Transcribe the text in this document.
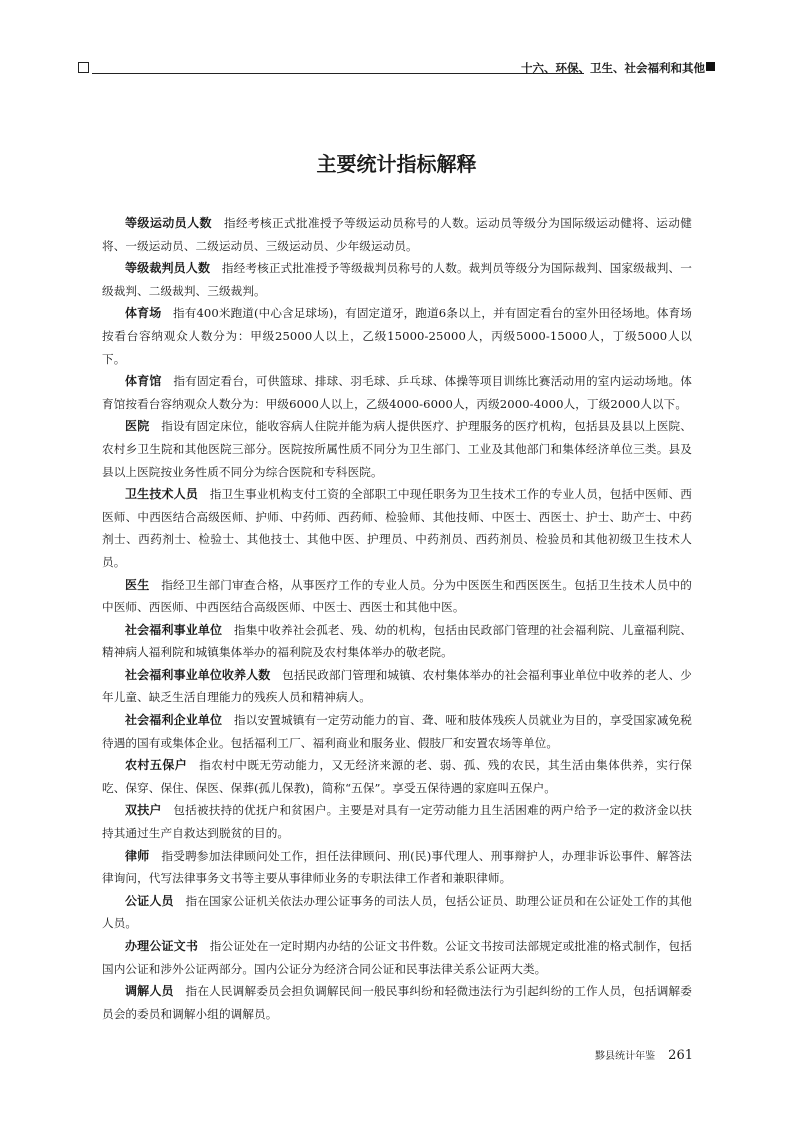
十六、环保、卫生、社会福利和其他
主要统计指标解释

等级运动员人数  指经考核正式批准授予等级运动员称号的人数。运动员等级分为国际级运动健将、运动健将、一级运动员、二级运动员、三级运动员、少年级运动员。

等级裁判员人数  指经考核正式批准授予等级裁判员称号的人数。裁判员等级分为国际裁判、国家级裁判、一级裁判、二级裁判、三级裁判。

体育场  指有400米跑道(中心含足球场)，有固定道牙，跑道6条以上，并有固定看台的室外田径场地。体育场按看台容纳观众人数分为：甲级25000人以上，乙级15000-25000人，丙级5000-15000人，丁级5000人以下。

体育馆  指有固定看台，可供篮球、排球、羽毛球、乒乓球、体操等项目训练比赛活动用的室内运动场地。体育馆按看台容纳观众人数分为：甲级6000人以上，乙级4000-6000人，丙级2000-4000人，丁级2000人以下。

医院  指设有固定床位，能收容病人住院并能为病人提供医疗、护理服务的医疗机构，包括县及县以上医院、农村乡卫生院和其他医院三部分。医院按所属性质不同分为卫生部门、工业及其他部门和集体经济单位三类。县及县以上医院按业务性质不同分为综合医院和专科医院。

卫生技术人员  指卫生事业机构支付工资的全部职工中现任职务为卫生技术工作的专业人员，包括中医师、西医师、中西医结合高级医师、护师、中药师、西药师、检验师、其他技师、中医士、西医士、护士、助产士、中药剂士、西药剂士、检验士、其他技士、其他中医、护理员、中药剂员、西药剂员、检验员和其他初级卫生技术人员。

医生  指经卫生部门审查合格，从事医疗工作的专业人员。分为中医医生和西医医生。包括卫生技术人员中的中医师、西医师、中西医结合高级医师、中医士、西医士和其他中医。

社会福利事业单位  指集中收养社会孤老、残、幼的机构，包括由民政部门管理的社会福利院、儿童福利院、精神病人福利院和城镇集体举办的福利院及农村集体举办的敬老院。

社会福利事业单位收养人数  包括民政部门管理和城镇、农村集体举办的社会福利事业单位中收养的老人、少年儿童、缺乏生活自理能力的残疾人员和精神病人。

社会福利企业单位  指以安置城镇有一定劳动能力的盲、聋、哑和肢体残疾人员就业为目的，享受国家减免税待遇的国有或集体企业。包括福利工厂、福利商业和服务业、假肢厂和安置农场等单位。

农村五保户  指农村中既无劳动能力，又无经济来源的老、弱、孤、残的农民，其生活由集体供养，实行保吃、保穿、保住、保医、保葬(孤儿保教)，简称“五保”。享受五保待遇的家庭叫五保户。

双扶户  包括被扶持的优抚户和贫困户。主要是对具有一定劳动能力且生活困难的两户给予一定的救济金以扶持其通过生产自救达到脱贫的目的。

律师  指受聘参加法律顾问处工作，担任法律顾问、刑(民)事代理人、刑事辩护人，办理非诉讼事件、解答法律询问，代写法律事务文书等主要从事律师业务的专职法律工作者和兼职律师。

公证人员  指在国家公证机关依法办理公证事务的司法人员，包括公证员、助理公证员和在公证处工作的其他人员。

办理公证文书  指公证处在一定时期内办结的公证文书件数。公证文书按司法部规定或批准的格式制作，包括国内公证和涉外公证两部分。国内公证分为经济合同公证和民事法律关系公证两大类。

调解人员  指在人民调解委员会担负调解民间一般民事纠纷和轻微违法行为引起纠纷的工作人员，包括调解委员会的委员和调解小组的调解员。

黟县统计年鉴 261
